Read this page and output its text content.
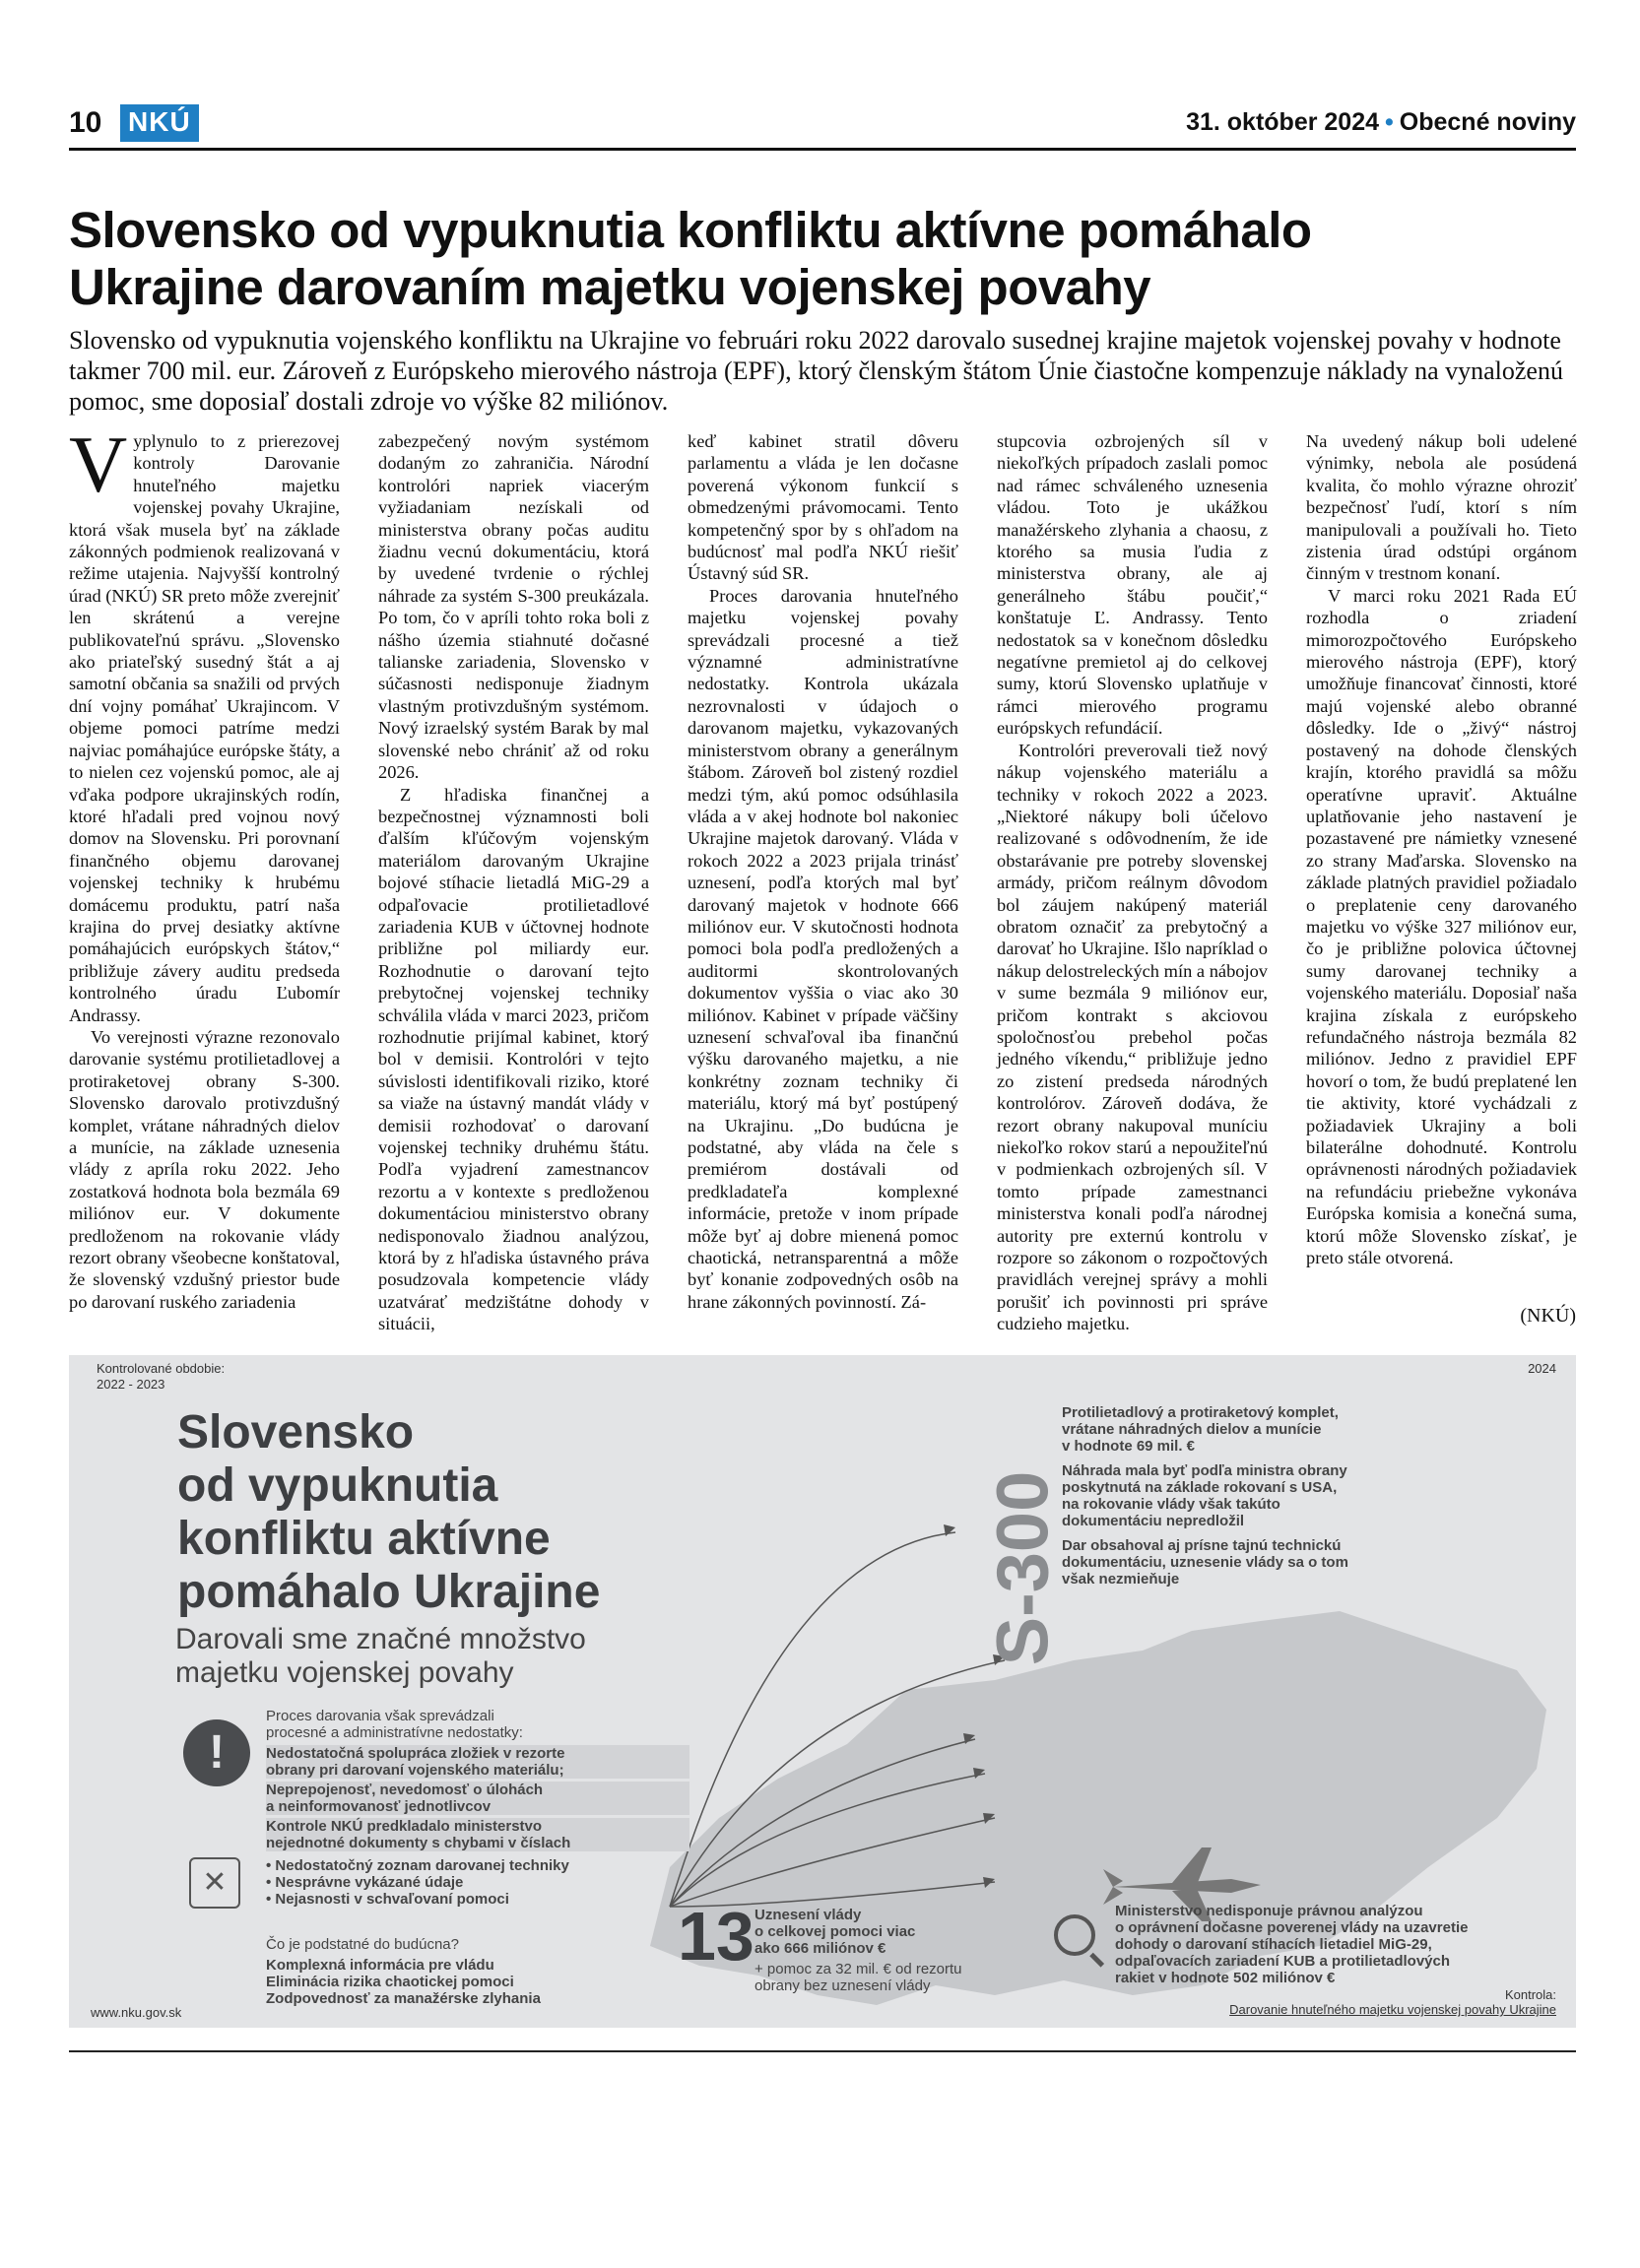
10 NKÚ	31. október 2024 • Obecné noviny
Slovensko od vypuknutia konfliktu aktívne pomáhalo
Ukrajine darovaním majetku vojenskej povahy

Slovensko od vypuknutia vojenského konfliktu na Ukrajine vo februári roku 2022 darovalo susednej krajine majetok vojenskej povahy v hodnote takmer 700 mil. eur. Zároveň z Európskeho mierového nástroja (EPF), ktorý členským štátom Únie čiastočne kompenzuje náklady na vynaloženú pomoc, sme doposiaľ dostali zdroje vo výške 82 miliónov.

Vyplynulo to z prierezovej kontroly Darovanie hnuteľného majetku vojenskej povahy Ukrajine, ktorá však musela byť na základe zákonných podmienok realizovaná v režime utajenia. Najvyšší kontrolný úrad (NKÚ) SR preto môže zverejniť len skrátenú a verejne publikovateľnú správu. „Slovensko ako priateľský susedný štát a aj samotní občania sa snažili od prvých dní vojny pomáhať Ukrajincom. V objeme pomoci patríme medzi najviac pomáhajúce európske štáty, a to nielen cez vojenskú pomoc, ale aj vďaka podpore ukrajinských rodín, ktoré hľadali pred vojnou nový domov na Slovensku. Pri porovnaní finančného objemu darovanej vojenskej techniky k hrubému domácemu produktu, patrí naša krajina do prvej desiatky aktívne pomáhajúcich európskych štátov,“ približuje závery auditu predseda kontrolného úradu Ľubomír Andrassy.

Vo verejnosti výrazne rezonovalo darovanie systému protilietadlovej a protiraketovej obrany S-300. Slovensko darovalo protivzdušný komplet, vrátane náhradných dielov a munície, na základe uznesenia vlády z apríla roku 2022. Jeho zostatková hodnota bola bezmála 69 miliónov eur. V dokumente predloženom na rokovanie vlády rezort obrany všeobecne konštatoval, že slovenský vzdušný priestor bude po darovaní ruského zariadenia

zabezpečený novým systémom dodaným zo zahraničia. Národní kontrolóri napriek viacerým vyžiadaniam nezískali od ministerstva obrany počas auditu žiadnu vecnú dokumentáciu, ktorá by uvedené tvrdenie o rýchlej náhrade za systém S-300 preukázala. Po tom, čo v apríli tohto roka boli z nášho územia stiahnuté dočasné talianske zariadenia, Slovensko v súčasnosti nedisponuje žiadnym vlastným protivzdušným systémom. Nový izraelský systém Barak by mal slovenské nebo chrániť až od roku 2026.

Z hľadiska finančnej a bezpečnostnej významnosti boli ďalším kľúčovým vojenským materiálom darovaným Ukrajine bojové stíhacie lietadlá MiG-29 a odpaľovacie protilietadlové zariadenia KUB v účtovnej hodnote približne pol miliardy eur. Rozhodnutie o darovaní tejto prebytočnej vojenskej techniky schválila vláda v marci 2023, pričom rozhodnutie prijímal kabinet, ktorý bol v demisii. Kontrolóri v tejto súvislosti identifikovali riziko, ktoré sa viaže na ústavný mandát vlády v demisii rozhodovať o darovaní vojenskej techniky druhému štátu. Podľa vyjadrení zamestnancov rezortu a v kontexte s predloženou dokumentáciou ministerstvo obrany nedisponovalo žiadnou analýzou, ktorá by z hľadiska ústavného práva posudzovala kompetencie vlády uzatvárať medzištátne dohody v situácii,

keď kabinet stratil dôveru parlamentu a vláda je len dočasne poverená výkonom funkcií s obmedzenými právomocami. Tento kompetenčný spor by s ohľadom na budúcnosť mal podľa NKÚ riešiť Ústavný súd SR.

Proces darovania hnuteľného majetku vojenskej povahy sprevádzali procesné a tiež významné administratívne nedostatky. Kontrola ukázala nezrovnalosti v údajoch o darovanom majetku, vykazovaných ministerstvom obrany a generálnym štábom. Zároveň bol zistený rozdiel medzi tým, akú pomoc odsúhlasila vláda a v akej hodnote bol nakoniec Ukrajine majetok darovaný. Vláda v rokoch 2022 a 2023 prijala trinásť uznesení, podľa ktorých mal byť darovaný majetok v hodnote 666 miliónov eur. V skutočnosti hodnota pomoci bola podľa predložených a auditormi skontrolovaných dokumentov vyššia o viac ako 30 miliónov. Kabinet v prípade väčšiny uznesení schvaľoval iba finančnú výšku darovaného majetku, a nie konkrétny zoznam techniky či materiálu, ktorý má byť postúpený na Ukrajinu. „Do budúcna je podstatné, aby vláda na čele s premiérom dostávali od predkladateľa komplexné informácie, pretože v inom prípade môže byť aj dobre mienená pomoc chaotická, netransparentná a môže byť konanie zodpovedných osôb na hrane zákonných povinností. Zá-

stupcovia ozbrojených síl v niekoľkých prípadoch zaslali pomoc nad rámec schváleného uznesenia vládou. Toto je ukážkou manažérskeho zlyhania a chaosu, z ktorého sa musia ľudia z ministerstva obrany, ale aj generálneho štábu poučiť,“ konštatuje Ľ. Andrassy. Tento nedostatok sa v konečnom dôsledku negatívne premietol aj do celkovej sumy, ktorú Slovensko uplatňuje v rámci mierového programu európskych refundácií.

Kontrolóri preverovali tiež nový nákup vojenského materiálu a techniky v rokoch 2022 a 2023. „Niektoré nákupy boli účelovo realizované s odôvodnením, že ide obstarávanie pre potreby slovenskej armády, pričom reálnym dôvodom bol záujem nakúpený materiál obratom označiť za prebytočný a darovať ho Ukrajine. Išlo napríklad o nákup delostreleckých mín a nábojov v sume bezmála 9 miliónov eur, pričom kontrakt s akciovou spoločnosťou prebehol počas jedného víkendu,“ približuje jedno zo zistení predseda národných kontrolórov. Zároveň dodáva, že rezort obrany nakupoval muníciu niekoľko rokov starú a nepoužiteľnú v podmienkach ozbrojených síl. V tomto prípade zamestnanci ministerstva konali podľa národnej autority pre externú kontrolu v rozpore so zákonom o rozpočtových pravidlách verejnej správy a mohli porušiť ich povinnosti pri správe cudzieho majetku.

Na uvedený nákup boli udelené výnimky, nebola ale posúdená kvalita, čo mohlo výrazne ohroziť bezpečnosť ľudí, ktorí s ním manipulovali a používali ho. Tieto zistenia úrad odstúpi orgánom činným v trestnom konaní.

V marci roku 2021 Rada EÚ rozhodla o zriadení mimorozpočtového Európskeho mierového nástroja (EPF), ktorý umožňuje financovať činnosti, ktoré majú vojenské alebo obranné dôsledky. Ide o „živý“ nástroj postavený na dohode členských krajín, ktorého pravidlá sa môžu operatívne upraviť. Aktuálne uplatňovanie jeho nastavení je pozastavené pre námietky vznesené zo strany Maďarska. Slovensko na základe platných pravidiel požiadalo o preplatenie ceny darovaného majetku vo výške 327 miliónov eur, čo je približne polovica účtovnej sumy darovanej techniky a vojenského materiálu. Doposiaľ naša krajina získala z európskeho refundačného nástroja bezmála 82 miliónov. Jedno z pravidiel EPF hovorí o tom, že budú preplatené len tie aktivity, ktoré vychádzali z požiadaviek Ukrajiny a boli bilaterálne dohodnuté. Kontrolu oprávnenosti národných požiadaviek na refundáciu priebežne vykonáva Európska komisia a konečná suma, ktorú môže Slovensko získať, je preto stále otvorená.

(NKÚ)
Kontrolované obdobie:
2022 - 2023
2024
Slovensko
od vypuknutia
konfliktu aktívne
pomáhalo Ukrajine
Darovali sme značné množstvo
majetku vojenskej povahy
S-300
Protilietadlový a protiraketový komplet,
vrátane náhradných dielov a munície
v hodnote 69 mil. €
Náhrada mala byť podľa ministra obrany
poskytnutá na základe rokovaní s USA,
na rokovanie vlády však takúto
dokumentáciu nepredložil
Dar obsahoval aj prísne tajnú technickú
dokumentáciu, uznesenie vlády sa o tom
však nezmieňuje
!
Proces darovania však sprevádzali
procesné a administratívne nedostatky:
Nedostatočná spolupráca zložiek v rezorte
obrany pri darovaní vojenského materiálu;
Neprepojenosť, nevedomosť o úlohách
a neinformovanosť jednotlivcov
Kontrole NKÚ predkladalo ministerstvo
nejednotné dokumenty s chybami v číslach
✕
• Nedostatočný zoznam darovanej techniky
• Nesprávne vykázané údaje
• Nejasnosti v schvaľovaní pomoci
Čo je podstatné do budúcna?
Komplexná informácia pre vládu
Eliminácia rizika chaotickej pomoci
Zodpovednosť za manažérske zlyhania
13 Uznesení vlády
o celkovej pomoci viac
ako 666 miliónov €
+ pomoc za 32 mil. € od rezortu
obrany bez uznesení vlády
Ministerstvo nedisponuje právnou analýzou
o oprávnení dočasne poverenej vlády na uzavretie
dohody o darovaní stíhacích lietadiel MiG-29,
odpaľovacích zariadení KUB a protilietadlových
rakiet v hodnote 502 miliónov €
www.nku.gov.sk
Kontrola:
Darovanie hnuteľného majetku vojenskej povahy Ukrajine
